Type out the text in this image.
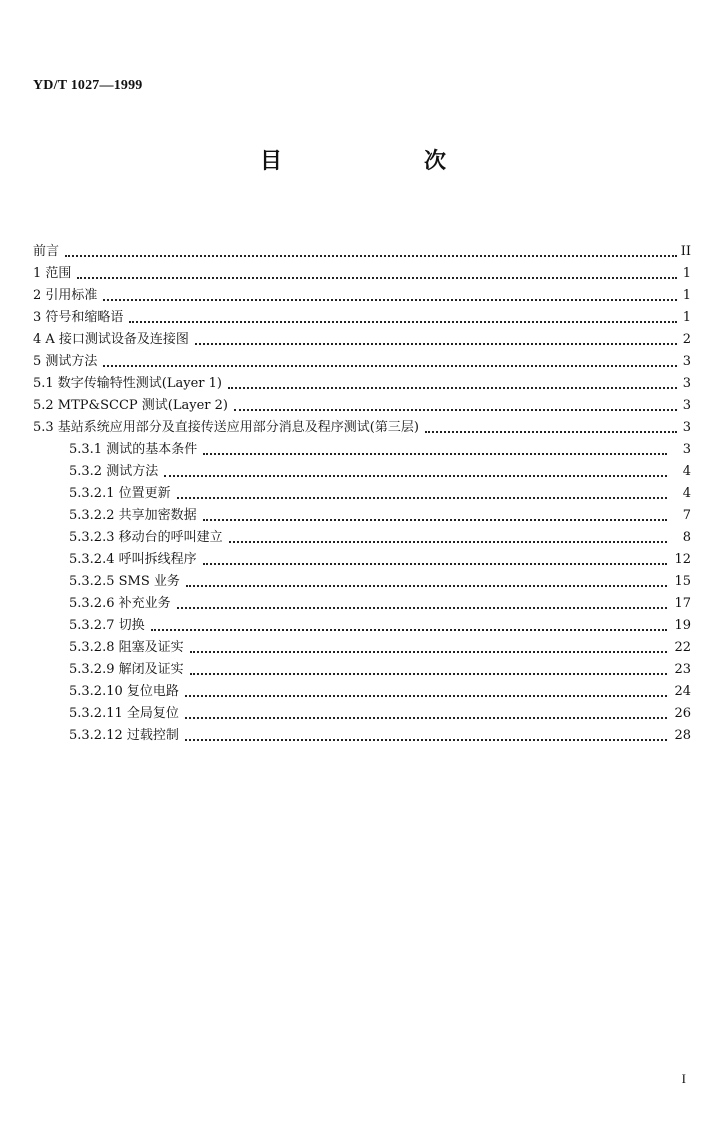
YD/T 1027—1999
目　次
前言	II
1 范围	1
2 引用标准	1
3 符号和缩略语	1
4 A 接口测试设备及连接图	2
5 测试方法	3
5.1 数字传输特性测试(Layer 1)	3
5.2 MTP&SCCP 测试(Layer 2)	3
5.3 基站系统应用部分及直接传送应用部分消息及程序测试(第三层)	3
5.3.1 测试的基本条件	3
5.3.2 测试方法	4
5.3.2.1 位置更新	4
5.3.2.2 共享加密数据	7
5.3.2.3 移动台的呼叫建立	8
5.3.2.4 呼叫拆线程序	12
5.3.2.5 SMS 业务	15
5.3.2.6 补充业务	17
5.3.2.7 切换	19
5.3.2.8 阻塞及证实	22
5.3.2.9 解闭及证实	23
5.3.2.10 复位电路	24
5.3.2.11 全局复位	26
5.3.2.12 过载控制	28
I
